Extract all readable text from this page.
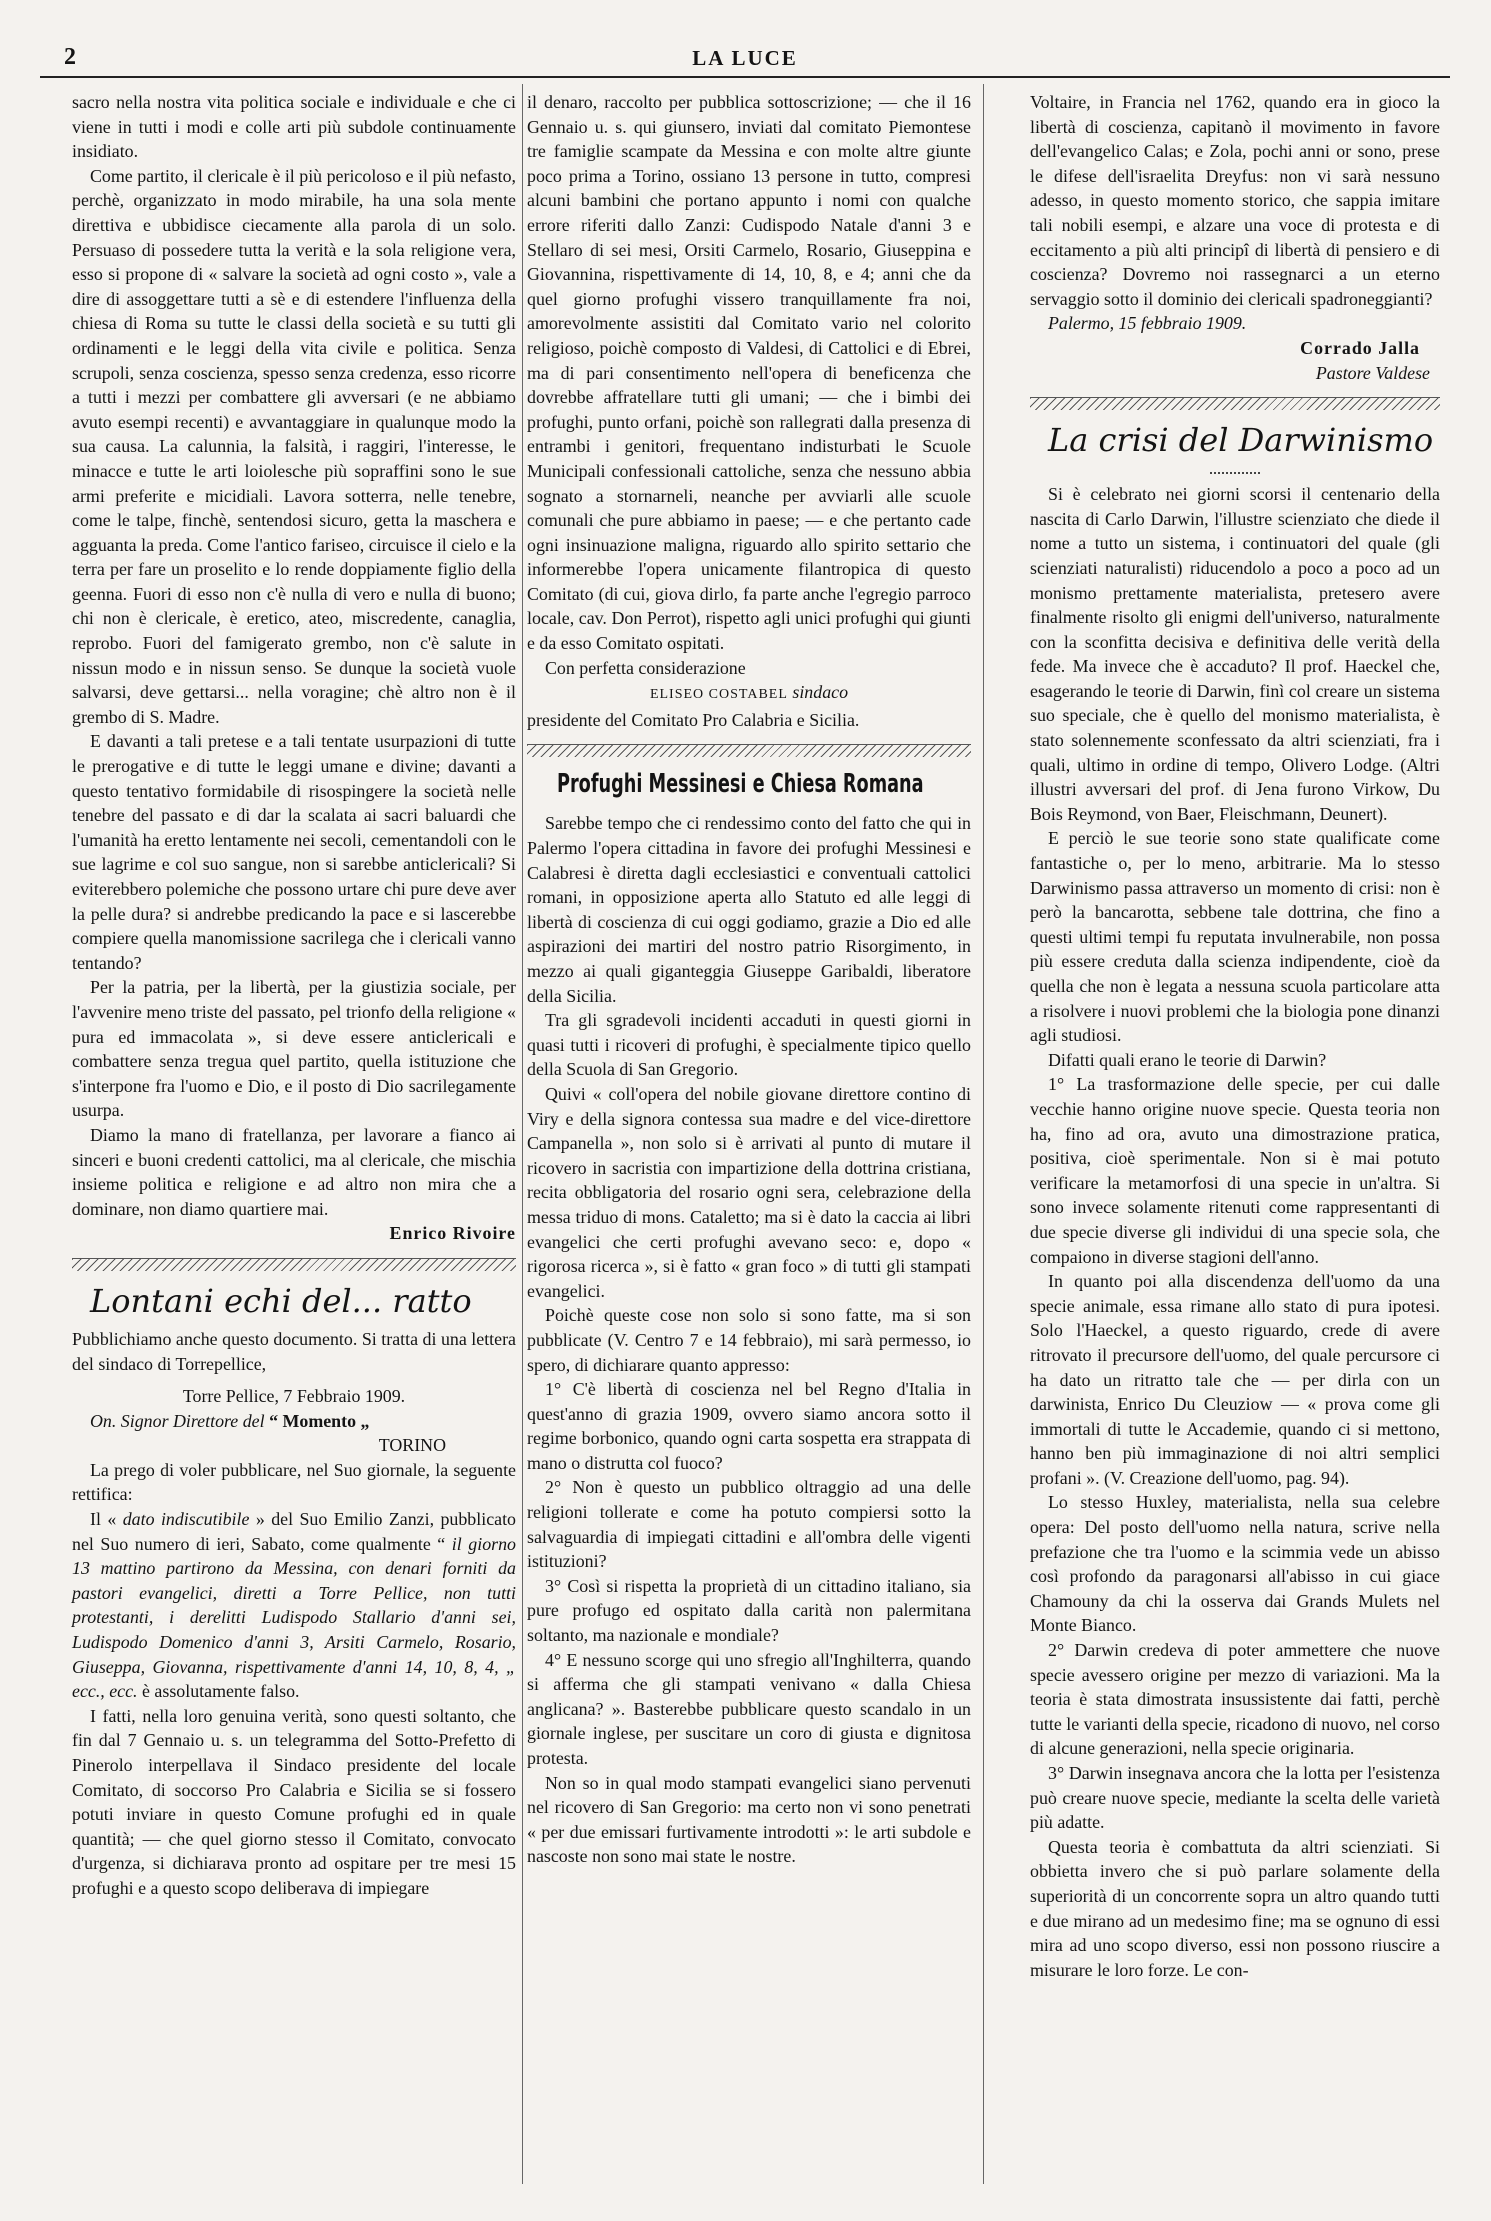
2	LA LUCE

sacro nella nostra vita politica sociale e individuale e che ci viene in tutti i modi e colle arti più subdole continuamente insidiato.

Come partito, il clericale è il più pericoloso e il più nefasto, perchè, organizzato in modo mirabile, ha una sola mente direttiva e ubbidisce ciecamente alla parola di un solo. Persuaso di possedere tutta la verità e la sola religione vera, esso si propone di « salvare la società ad ogni costo », vale a dire di assoggettare tutti a sè e di estendere l'influenza della chiesa di Roma su tutte le classi della società e su tutti gli ordinamenti e le leggi della vita civile e politica. Senza scrupoli, senza coscienza, spesso senza credenza, esso ricorre a tutti i mezzi per combattere gli avversari (e ne abbiamo avuto esempi recenti) e avvantaggiare in qualunque modo la sua causa. La calunnia, la falsità, i raggiri, l'interesse, le minacce e tutte le arti loiolesche più sopraffini sono le sue armi preferite e micidiali. Lavora sotterra, nelle tenebre, come le talpe, finchè, sentendosi sicuro, getta la maschera e agguanta la preda. Come l'antico fariseo, circuisce il cielo e la terra per fare un proselito e lo rende doppiamente figlio della geenna. Fuori di esso non c'è nulla di vero e nulla di buono; chi non è clericale, è eretico, ateo, miscredente, canaglia, reprobo. Fuori del famigerato grembo, non c'è salute in nissun modo e in nissun senso. Se dunque la società vuole salvarsi, deve gettarsi... nella voragine; chè altro non è il grembo di S. Madre.

E davanti a tali pretese e a tali tentate usurpazioni di tutte le prerogative e di tutte le leggi umane e divine; davanti a questo tentativo formidabile di risospingere la società nelle tenebre del passato e di dar la scalata ai sacri baluardi che l'umanità ha eretto lentamente nei secoli, cementandoli con le sue lagrime e col suo sangue, non si sarebbe anticlericali? Si eviterebbero polemiche che possono urtare chi pure deve aver la pelle dura? si andrebbe predicando la pace e si lascerebbe compiere quella manomissione sacrilega che i clericali vanno tentando?

Per la patria, per la libertà, per la giustizia sociale, per l'avvenire meno triste del passato, pel trionfo della religione « pura ed immacolata », si deve essere anticlericali e combattere senza tregua quel partito, quella istituzione che s'interpone fra l'uomo e Dio, e il posto di Dio sacrilegamente usurpa.

Diamo la mano di fratellanza, per lavorare a fianco ai sinceri e buoni credenti cattolici, ma al clericale, che mischia insieme politica e religione e ad altro non mira che a dominare, non diamo quartiere mai.

Enrico Rivoire

Lontani echi del... ratto

Pubblichiamo anche questo documento. Si tratta di una lettera del sindaco di Torrepellice,

Torre Pellice, 7 Febbraio 1909.

On. Signor Direttore del “ Momento „

TORINO

La prego di voler pubblicare, nel Suo giornale, la seguente rettifica:

Il « dato indiscutibile » del Suo Emilio Zanzi, pubblicato nel Suo numero di ieri, Sabato, come qualmente “ il giorno 13 mattino partirono da Messina, con denari forniti da pastori evangelici, diretti a Torre Pellice, non tutti protestanti, i derelitti Ludispodo Stallario d'anni sei, Ludispodo Domenico d'anni 3, Arsiti Carmelo, Rosario, Giuseppa, Giovanna, rispettivamente d'anni 14, 10, 8, 4, „ ecc., ecc. è assolutamente falso.

I fatti, nella loro genuina verità, sono questi soltanto, che fin dal 7 Gennaio u. s. un telegramma del Sotto-Prefetto di Pinerolo interpellava il Sindaco presidente del locale Comitato, di soccorso Pro Calabria e Sicilia se si fossero potuti inviare in questo Comune profughi ed in quale quantità; — che quel giorno stesso il Comitato, convocato d'urgenza, si dichiarava pronto ad ospitare per tre mesi 15 profughi e a questo scopo deliberava di impiegare

il denaro, raccolto per pubblica sottoscrizione; — che il 16 Gennaio u. s. qui giunsero, inviati dal comitato Piemontese tre famiglie scampate da Messina e con molte altre giunte poco prima a Torino, ossiano 13 persone in tutto, compresi alcuni bambini che portano appunto i nomi con qualche errore riferiti dallo Zanzi: Cudispodo Natale d'anni 3 e Stellaro di sei mesi, Orsiti Carmelo, Rosario, Giuseppina e Giovannina, rispettivamente di 14, 10, 8, e 4; anni che da quel giorno profughi vissero tranquillamente fra noi, amorevolmente assistiti dal Comitato vario nel colorito religioso, poichè composto di Valdesi, di Cattolici e di Ebrei, ma di pari consentimento nell'opera di beneficenza che dovrebbe affratellare tutti gli umani; — che i bimbi dei profughi, punto orfani, poichè son rallegrati dalla presenza di entrambi i genitori, frequentano indisturbati le Scuole Municipali confessionali cattoliche, senza che nessuno abbia sognato a stornarneli, neanche per avviarli alle scuole comunali che pure abbiamo in paese; — e che pertanto cade ogni insinuazione maligna, riguardo allo spirito settario che informerebbe l'opera unicamente filantropica di questo Comitato (di cui, giova dirlo, fa parte anche l'egregio parroco locale, cav. Don Perrot), rispetto agli unici profughi qui giunti e da esso Comitato ospitati.

Con perfetta considerazione

ELISEO COSTABEL sindaco

presidente del Comitato Pro Calabria e Sicilia.

Profughi Messinesi e Chiesa Romana

Sarebbe tempo che ci rendessimo conto del fatto che qui in Palermo l'opera cittadina in favore dei profughi Messinesi e Calabresi è diretta dagli ecclesiastici e conventuali cattolici romani, in opposizione aperta allo Statuto ed alle leggi di libertà di coscienza di cui oggi godiamo, grazie a Dio ed alle aspirazioni dei martiri del nostro patrio Risorgimento, in mezzo ai quali giganteggia Giuseppe Garibaldi, liberatore della Sicilia.

Tra gli sgradevoli incidenti accaduti in questi giorni in quasi tutti i ricoveri di profughi, è specialmente tipico quello della Scuola di San Gregorio.

Quivi « coll'opera del nobile giovane direttore contino di Viry e della signora contessa sua madre e del vice-direttore Campanella », non solo si è arrivati al punto di mutare il ricovero in sacristia con impartizione della dottrina cristiana, recita obbligatoria del rosario ogni sera, celebrazione della messa triduo di mons. Cataletto; ma si è dato la caccia ai libri evangelici che certi profughi avevano seco: e, dopo « rigorosa ricerca », si è fatto « gran foco » di tutti gli stampati evangelici.

Poichè queste cose non solo si sono fatte, ma si son pubblicate (V. Centro 7 e 14 febbraio), mi sarà permesso, io spero, di dichiarare quanto appresso:

1° C'è libertà di coscienza nel bel Regno d'Italia in quest'anno di grazia 1909, ovvero siamo ancora sotto il regime borbonico, quando ogni carta sospetta era strappata di mano o distrutta col fuoco?

2° Non è questo un pubblico oltraggio ad una delle religioni tollerate e come ha potuto compiersi sotto la salvaguardia di impiegati cittadini e all'ombra delle vigenti istituzioni?

3° Così si rispetta la proprietà di un cittadino italiano, sia pure profugo ed ospitato dalla carità non palermitana soltanto, ma nazionale e mondiale?

4° E nessuno scorge qui uno sfregio all'Inghilterra, quando si afferma che gli stampati venivano « dalla Chiesa anglicana? ». Basterebbe pubblicare questo scandalo in un giornale inglese, per suscitare un coro di giusta e dignitosa protesta.

Non so in qual modo stampati evangelici siano pervenuti nel ricovero di San Gregorio: ma certo non vi sono penetrati « per due emissari furtivamente introdotti »: le arti subdole e nascoste non sono mai state le nostre.

Voltaire, in Francia nel 1762, quando era in gioco la libertà di coscienza, capitanò il movimento in favore dell'evangelico Calas; e Zola, pochi anni or sono, prese le difese dell'israelita Dreyfus: non vi sarà nessuno adesso, in questo momento storico, che sappia imitare tali nobili esempi, e alzare una voce di protesta e di eccitamento a più alti principî di libertà di pensiero e di coscienza? Dovremo noi rassegnarci a un eterno servaggio sotto il dominio dei clericali spadroneggianti?

Palermo, 15 febbraio 1909.

Corrado Jalla

Pastore Valdese

La crisi del Darwinismo

Si è celebrato nei giorni scorsi il centenario della nascita di Carlo Darwin, l'illustre scienziato che diede il nome a tutto un sistema, i continuatori del quale (gli scienziati naturalisti) riducendolo a poco a poco ad un monismo prettamente materialista, pretesero avere finalmente risolto gli enigmi dell'universo, naturalmente con la sconfitta decisiva e definitiva delle verità della fede. Ma invece che è accaduto? Il prof. Haeckel che, esagerando le teorie di Darwin, finì col creare un sistema suo speciale, che è quello del monismo materialista, è stato solennemente sconfessato da altri scienziati, fra i quali, ultimo in ordine di tempo, Olivero Lodge. (Altri illustri avversari del prof. di Jena furono Virkow, Du Bois Reymond, von Baer, Fleischmann, Deunert).

E perciò le sue teorie sono state qualificate come fantastiche o, per lo meno, arbitrarie. Ma lo stesso Darwinismo passa attraverso un momento di crisi: non è però la bancarotta, sebbene tale dottrina, che fino a questi ultimi tempi fu reputata invulnerabile, non possa più essere creduta dalla scienza indipendente, cioè da quella che non è legata a nessuna scuola particolare atta a risolvere i nuovi problemi che la biologia pone dinanzi agli studiosi.

Difatti quali erano le teorie di Darwin?

1° La trasformazione delle specie, per cui dalle vecchie hanno origine nuove specie. Questa teoria non ha, fino ad ora, avuto una dimostrazione pratica, positiva, cioè sperimentale. Non si è mai potuto verificare la metamorfosi di una specie in un'altra. Si sono invece solamente ritenuti come rappresentanti di due specie diverse gli individui di una specie sola, che compaiono in diverse stagioni dell'anno.

In quanto poi alla discendenza dell'uomo da una specie animale, essa rimane allo stato di pura ipotesi. Solo l'Haeckel, a questo riguardo, crede di avere ritrovato il precursore dell'uomo, del quale percursore ci ha dato un ritratto tale che — per dirla con un darwinista, Enrico Du Cleuziow — « prova come gli immortali di tutte le Accademie, quando ci si mettono, hanno ben più immaginazione di noi altri semplici profani ». (V. Creazione dell'uomo, pag. 94).

Lo stesso Huxley, materialista, nella sua celebre opera: Del posto dell'uomo nella natura, scrive nella prefazione che tra l'uomo e la scimmia vede un abisso così profondo da paragonarsi all'abisso in cui giace Chamouny da chi la osserva dai Grands Mulets nel Monte Bianco.

2° Darwin credeva di poter ammettere che nuove specie avessero origine per mezzo di variazioni. Ma la teoria è stata dimostrata insussistente dai fatti, perchè tutte le varianti della specie, ricadono di nuovo, nel corso di alcune generazioni, nella specie originaria.

3° Darwin insegnava ancora che la lotta per l'esistenza può creare nuove specie, mediante la scelta delle varietà più adatte.

Questa teoria è combattuta da altri scienziati. Si obbietta invero che si può parlare solamente della superiorità di un concorrente sopra un altro quando tutti e due mirano ad un medesimo fine; ma se ognuno di essi mira ad uno scopo diverso, essi non possono riuscire a misurare le loro forze. Le con-
